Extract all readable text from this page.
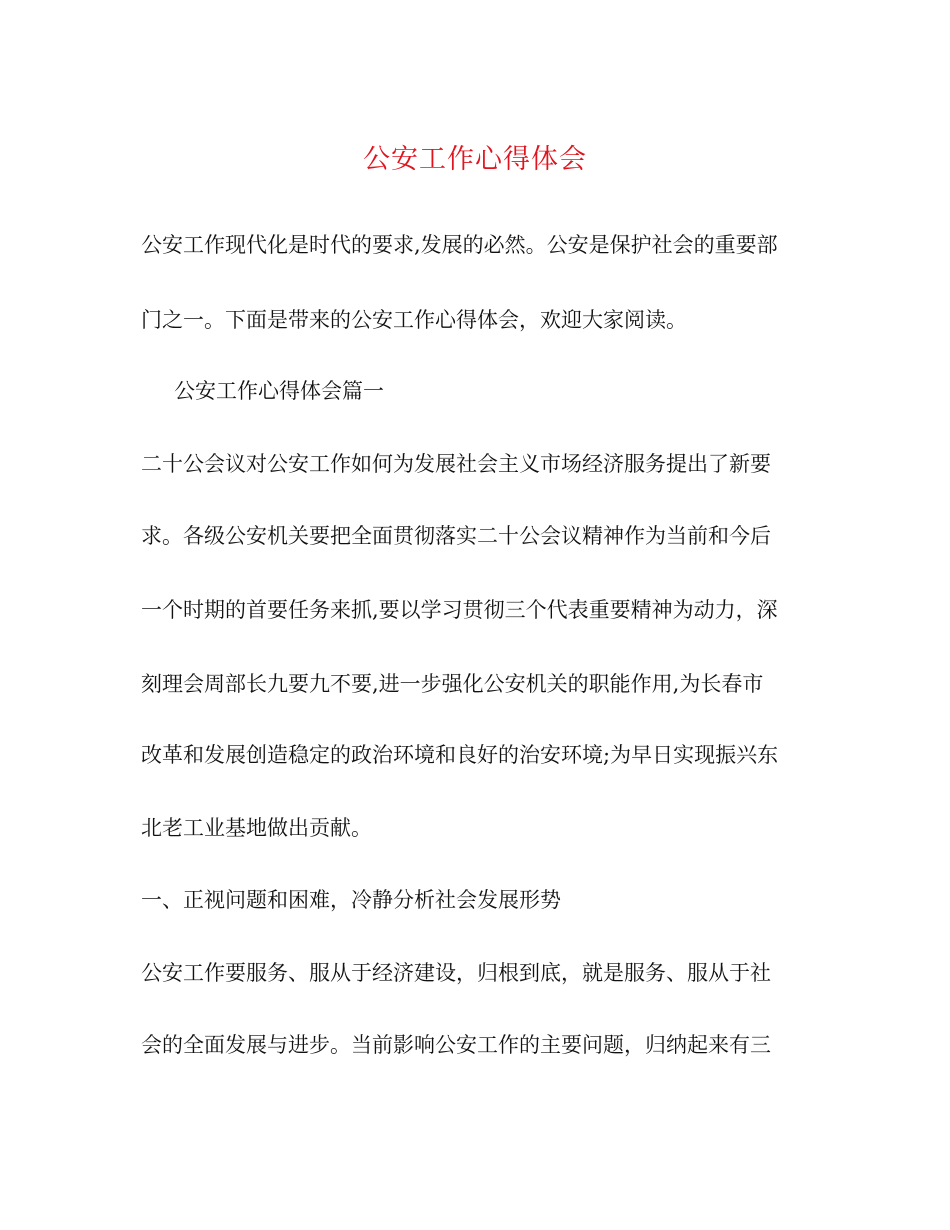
公安工作心得体会

公安工作现代化是时代的要求,发展的必然。公安是保护社会的重要部

门之一。下面是带来的公安工作心得体会，欢迎大家阅读。

公安工作心得体会篇一

二十公会议对公安工作如何为发展社会主义市场经济服务提出了新要

求。各级公安机关要把全面贯彻落实二十公会议精神作为当前和今后

一个时期的首要任务来抓,要以学习贯彻三个代表重要精神为动力，深

刻理会周部长九要九不要,进一步强化公安机关的职能作用,为长春市

改革和发展创造稳定的政治环境和良好的治安环境;为早日实现振兴东

北老工业基地做出贡献。

一、正视问题和困难，冷静分析社会发展形势

公安工作要服务、服从于经济建设，归根到底，就是服务、服从于社

会的全面发展与进步。当前影响公安工作的主要问题，归纳起来有三
